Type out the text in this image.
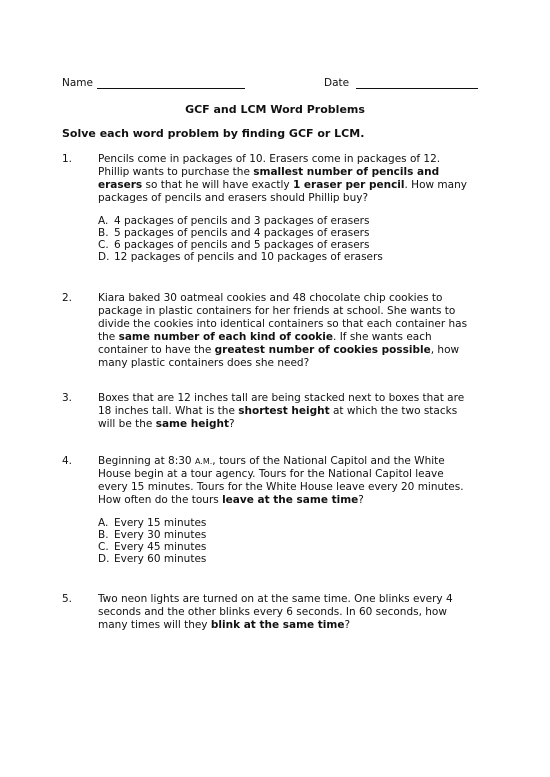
Name	Date
GCF and LCM Word Problems
Solve each word problem by finding GCF or LCM.
1. Pencils come in packages of 10. Erasers come in packages of 12.
Phillip wants to purchase the smallest number of pencils and
erasers so that he will have exactly 1 eraser per pencil. How many
packages of pencils and erasers should Phillip buy?
A. 4 packages of pencils and 3 packages of erasers
B. 5 packages of pencils and 4 packages of erasers
C. 6 packages of pencils and 5 packages of erasers
D. 12 packages of pencils and 10 packages of erasers
2. Kiara baked 30 oatmeal cookies and 48 chocolate chip cookies to
package in plastic containers for her friends at school. She wants to
divide the cookies into identical containers so that each container has
the same number of each kind of cookie. If she wants each
container to have the greatest number of cookies possible, how
many plastic containers does she need?
3. Boxes that are 12 inches tall are being stacked next to boxes that are
18 inches tall. What is the shortest height at which the two stacks
will be the same height?
4. Beginning at 8:30 A.M., tours of the National Capitol and the White
House begin at a tour agency. Tours for the National Capitol leave
every 15 minutes. Tours for the White House leave every 20 minutes.
How often do the tours leave at the same time?
A. Every 15 minutes
B. Every 30 minutes
C. Every 45 minutes
D. Every 60 minutes
5. Two neon lights are turned on at the same time. One blinks every 4
seconds and the other blinks every 6 seconds. In 60 seconds, how
many times will they blink at the same time?
